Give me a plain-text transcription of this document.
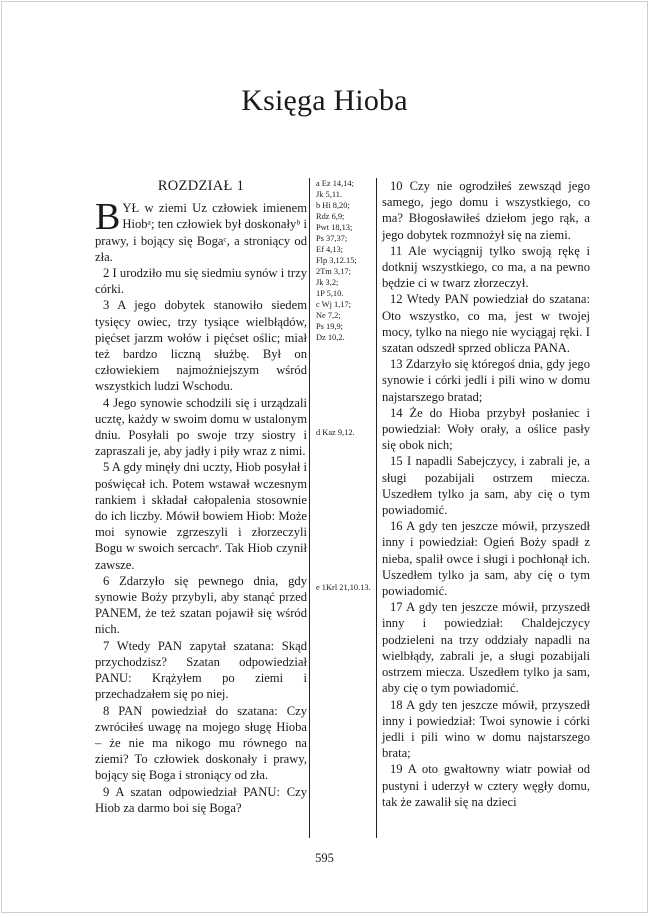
Księga Hioba
ROZDZIAŁ 1

BYŁ w ziemi Uz człowiek imienem Hiobᵃ; ten człowiek był doskonałyᵇ i prawy, i bojący się Bogaᶜ, a stroniący od zła.

2 I urodziło mu się siedmiu synów i trzy córki.

3 A jego dobytek stanowiło siedem tysięcy owiec, trzy tysiące wielbłądów, pięćset jarzm wołów i pięćset oślic; miał też bardzo liczną służbę. Był on człowiekiem najmożniejszym wśród wszystkich ludzi Wschodu.

4 Jego synowie schodzili się i urządzali ucztę, każdy w swoim domu w ustalonym dniu. Posyłali po swoje trzy siostry i zapraszali je, aby jadły i piły wraz z nimi.

5 A gdy minęły dni uczty, Hiob posyłał i poświęcał ich. Potem wstawał wczesnym rankiem i składał całopalenia stosownie do ich liczby. Mówił bowiem Hiob: Może moi synowie zgrzeszyli i złorzeczyli Bogu w swoich sercachᵉ. Tak Hiob czynił zawsze.

6 Zdarzyło się pewnego dnia, gdy synowie Boży przybyli, aby stanąć przed PANEM, że też szatan pojawił się wśród nich.

7 Wtedy PAN zapytał szatana: Skąd przychodzisz? Szatan odpowiedział PANU: Krążyłem po ziemi i przechadzałem się po niej.

8 PAN powiedział do szatana: Czy zwróciłeś uwagę na mojego sługę Hioba – że nie ma nikogo mu równego na ziemi? To człowiek doskonały i prawy, bojący się Boga i stroniący od zła.

9 A szatan odpowiedział PANU: Czy Hiob za darmo boi się Boga?

a Ez 14,14;

Jk 5,11.

b Hi 8,20;

Rdz 6,9;

Pwt 18,13;

Ps 37,37;

Ef 4,13;

Flp 3,12.15;

2Tm 3,17;

Jk 3,2;

1P 5,10.

c Wj 1,17;

Ne 7,2;

Ps 19,9;

Dz 10,2.

d Kaz 9,12.

e 1Krl 21,10.13.

10 Czy nie ogrodziłeś zewsząd jego samego, jego domu i wszystkiego, co ma? Błogosławiłeś dziełom jego rąk, a jego dobytek rozmnożył się na ziemi.

11 Ale wyciągnij tylko swoją rękę i dotknij wszystkiego, co ma, a na pewno będzie ci w twarz złorzeczył.

12 Wtedy PAN powiedział do szatana: Oto wszystko, co ma, jest w twojej mocy, tylko na niego nie wyciągaj ręki. I szatan odszedł sprzed oblicza PANA.

13 Zdarzyło się któregoś dnia, gdy jego synowie i córki jedli i pili wino w domu najstarszego bratad;

14 Że do Hioba przybył posłaniec i powiedział: Woły orały, a oślice pasły się obok nich;

15 I napadli Sabejczycy, i zabrali je, a sługi pozabijali ostrzem miecza. Uszedłem tylko ja sam, aby cię o tym powiadomić.

16 A gdy ten jeszcze mówił, przyszedł inny i powiedział: Ogień Boży spadł z nieba, spalił owce i sługi i pochłonął ich. Uszedłem tylko ja sam, aby cię o tym powiadomić.

17 A gdy ten jeszcze mówił, przyszedł inny i powiedział: Chaldejczycy podzieleni na trzy oddziały napadli na wielbłądy, zabrali je, a sługi pozabijali ostrzem miecza. Uszedłem tylko ja sam, aby cię o tym powiadomić.

18 A gdy ten jeszcze mówił, przyszedł inny i powiedział: Twoi synowie i córki jedli i pili wino w domu najstarszego brata;

19 A oto gwałtowny wiatr powiał od pustyni i uderzył w cztery węgły domu, tak że zawalił się na dzieci

595
